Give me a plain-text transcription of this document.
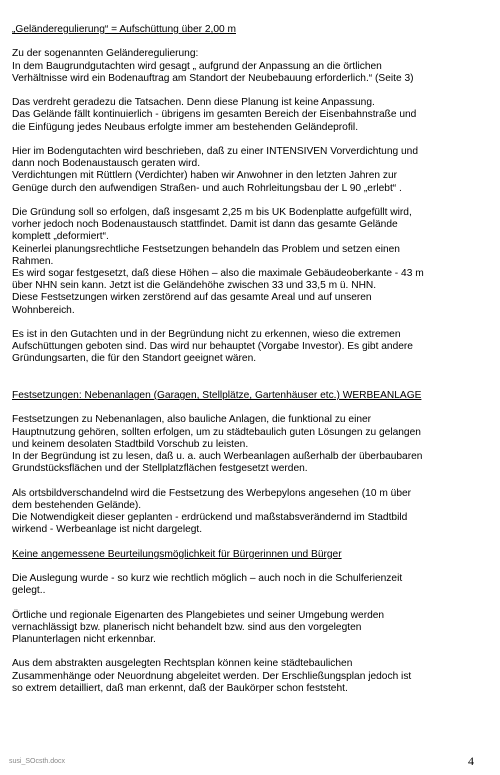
„Geländeregulierung“ = Aufschüttung über 2,00 m
Zu der sogenannten Geländeregulierung:
In dem Baugrundgutachten wird gesagt „ aufgrund der Anpassung an die örtlichen
Verhältnisse wird ein Bodenauftrag am Standort der Neubebauung erforderlich.“ (Seite 3)
Das verdreht geradezu die Tatsachen. Denn diese Planung ist keine Anpassung.
Das Gelände fällt kontinuierlich - übrigens im gesamten Bereich der Eisenbahnstraße und
die Einfügung jedes Neubaus erfolgte immer am bestehenden Geländeprofil.
Hier im Bodengutachten wird beschrieben, daß zu einer INTENSIVEN Vorverdichtung und
dann noch Bodenaustausch geraten wird.
Verdichtungen mit Rüttlern (Verdichter) haben wir Anwohner in den letzten Jahren zur
Genüge durch den aufwendigen Straßen- und auch Rohrleitungsbau der L 90 „erlebt“ .
Die Gründung soll so erfolgen, daß insgesamt 2,25 m bis UK Bodenplatte aufgefüllt wird,
vorher jedoch noch Bodenaustausch stattfindet. Damit ist dann das gesamte Gelände
komplett „deformiert“.
Keinerlei planungsrechtliche Festsetzungen behandeln das Problem und setzen einen
Rahmen.
Es wird sogar festgesetzt, daß diese Höhen – also die maximale Gebäudeoberkante - 43 m
über NHN sein kann. Jetzt ist die Geländehöhe zwischen 33 und 33,5 m ü. NHN.
Diese Festsetzungen wirken zerstörend auf das gesamte Areal und auf unseren
Wohnbereich.
Es ist in den Gutachten und in der Begründung nicht zu erkennen, wieso die extremen
Aufschüttungen geboten sind. Das wird nur behauptet (Vorgabe Investor). Es gibt andere
Gründungsarten, die für den Standort geeignet wären.
Festsetzungen: Nebenanlagen (Garagen, Stellplätze, Gartenhäuser etc.) WERBEANLAGE
Festsetzungen zu Nebenanlagen, also bauliche Anlagen, die funktional zu einer
Hauptnutzung gehören, sollten erfolgen, um zu städtebaulich guten Lösungen zu gelangen
und keinem desolaten Stadtbild Vorschub zu leisten.
In der Begründung ist zu lesen, daß u. a. auch Werbeanlagen außerhalb der überbaubaren
Grundstücksflächen und der Stellplatzflächen festgesetzt werden.
Als ortsbildverschandelnd wird die Festsetzung des Werbepylons angesehen (10 m über
dem bestehenden Gelände).
Die Notwendigkeit dieser geplanten - erdrückend und maßstabsverändernd im Stadtbild
wirkend - Werbeanlage ist nicht dargelegt.
Keine angemessene Beurteilungsmöglichkeit für Bürgerinnen und Bürger
Die Auslegung wurde - so kurz wie rechtlich möglich – auch noch in die Schulferienzeit
gelegt..
Örtliche und regionale Eigenarten des Plangebietes und seiner Umgebung werden
vernachlässigt bzw. planerisch nicht behandelt bzw. sind aus den vorgelegten
Planunterlagen nicht erkennbar.
Aus dem abstrakten ausgelegten Rechtsplan können keine städtebaulichen
Zusammenhänge oder Neuordnung abgeleitet werden. Der Erschließungsplan jedoch ist
so extrem detailliert, daß man erkennt, daß der Baukörper schon feststeht.
susi_SOcsth.docx	4
